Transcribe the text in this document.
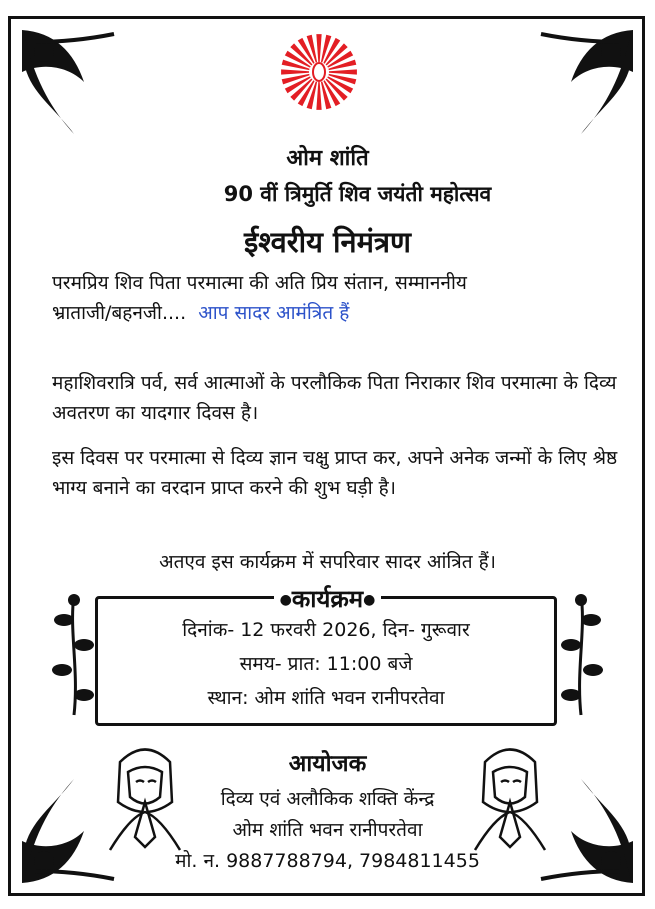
ओम शांति
90 वीं त्रिमुर्ति शिव जयंती महोत्सव
ईश्वरीय निमंत्रण
परमप्रिय शिव पिता परमात्मा की अति प्रिय संतान, सम्माननीय
भ्राताजी/बहनजी.... आप सादर आमंत्रित हैं
महाशिवरात्रि पर्व, सर्व आत्माओं के परलौकिक पिता निराकार शिव परमात्मा के दिव्य अवतरण का यादगार दिवस है।
इस दिवस पर परमात्मा से दिव्य ज्ञान चक्षु प्राप्त कर, अपने अनेक जन्मों के लिए श्रेष्ठ भाग्य बनाने का वरदान प्राप्त करने की शुभ घड़ी है।
अतएव इस कार्यक्रम में सपरिवार सादर आंत्रित हैं।
●कार्यक्रम●
दिनांक- 12 फरवरी 2026, दिन- गुरूवार
समय- प्रात: 11:00 बजे
स्थान: ओम शांति भवन रानीपरतेवा
आयोजक
दिव्य एवं अलौकिक शक्ति केंन्द्र
ओम शांति भवन रानीपरतेवा
मो. न. 9887788794, 7984811455
